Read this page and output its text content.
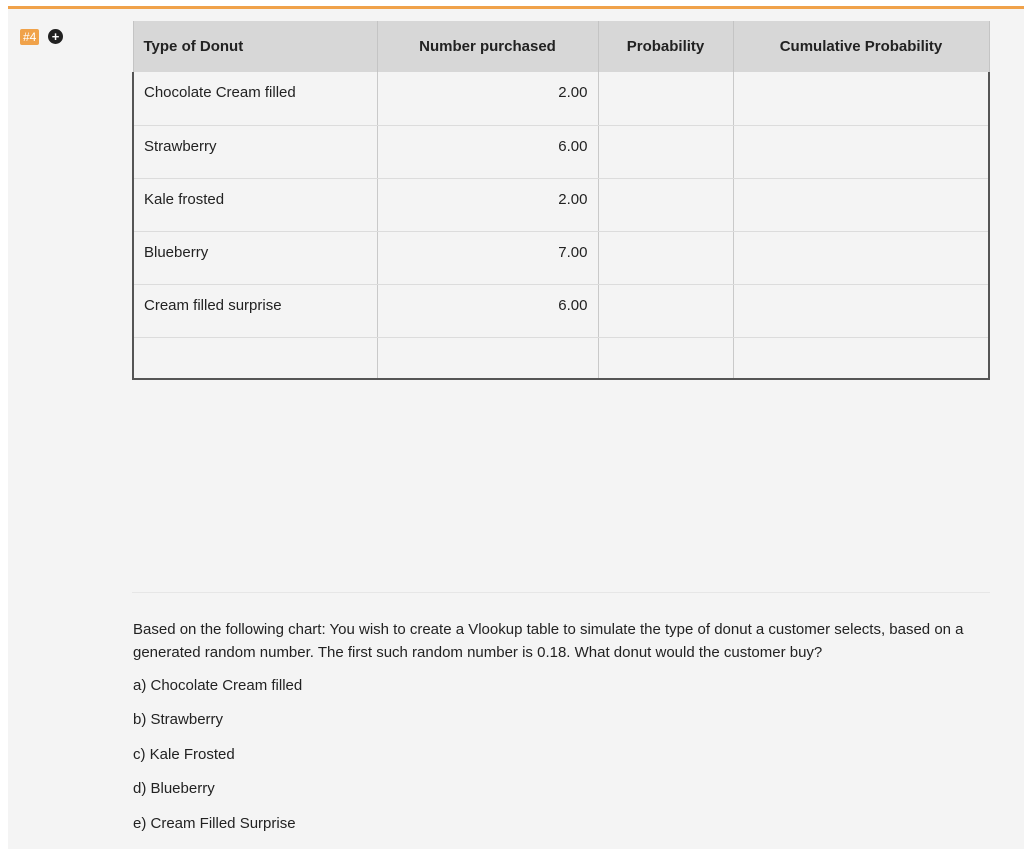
#4 +
Type of Donut	Number purchased	Probability	Cumulative Probability
Chocolate Cream filled	2.00		
Strawberry	6.00		
Kale frosted	2.00		
Blueberry	7.00		
Cream filled surprise	6.00		

Based on the following chart: You wish to create a Vlookup table to simulate the type of donut a customer selects, based on a generated random number. The first such random number is 0.18. What donut would the customer buy?
a) Chocolate Cream filled
b) Strawberry
c) Kale Frosted
d) Blueberry
e) Cream Filled Surprise
